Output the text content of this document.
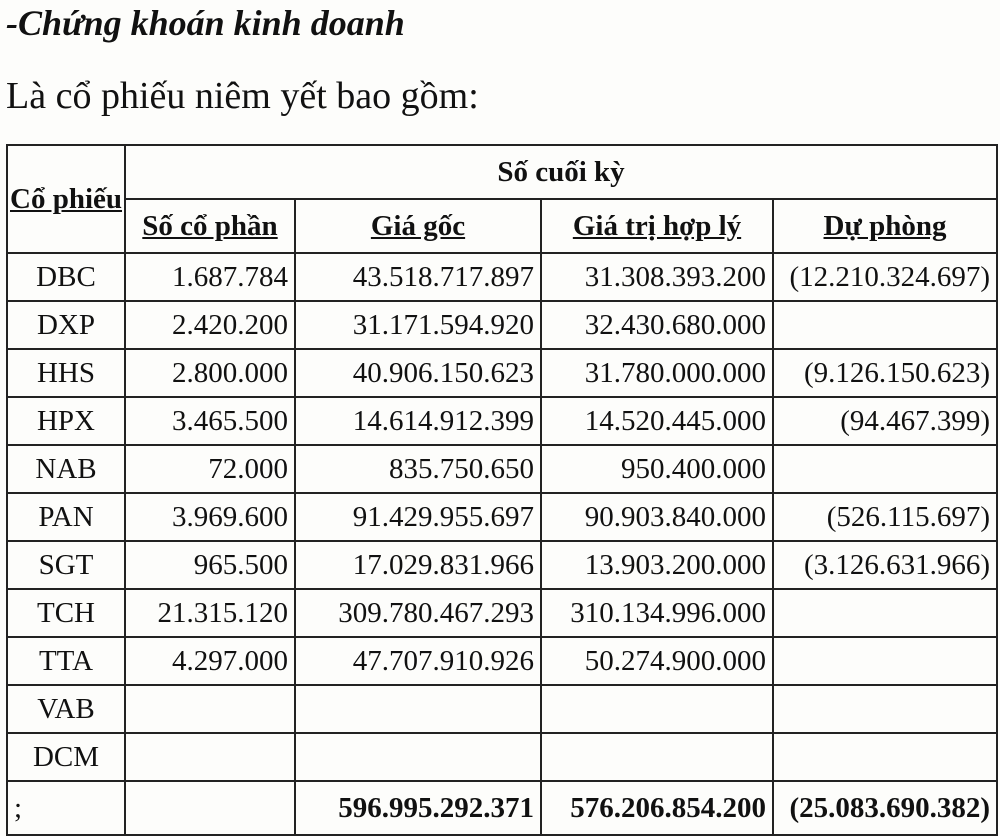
-Chứng khoán kinh doanh
Là cổ phiếu niêm yết bao gồm:
Cổ phiếu	Số cuối kỳ			
	Số cổ phần	Giá gốc	Giá trị hợp lý	Dự phòng
DBC	1.687.784	43.518.717.897	31.308.393.200	(12.210.324.697)
DXP	2.420.200	31.171.594.920	32.430.680.000	
HHS	2.800.000	40.906.150.623	31.780.000.000	(9.126.150.623)
HPX	3.465.500	14.614.912.399	14.520.445.000	(94.467.399)
NAB	72.000	835.750.650	950.400.000	
PAN	3.969.600	91.429.955.697	90.903.840.000	(526.115.697)
SGT	965.500	17.029.831.966	13.903.200.000	(3.126.631.966)
TCH	21.315.120	309.780.467.293	310.134.996.000	
TTA	4.297.000	47.707.910.926	50.274.900.000	
VAB				
DCM				
;		596.995.292.371	576.206.854.200	(25.083.690.382)
